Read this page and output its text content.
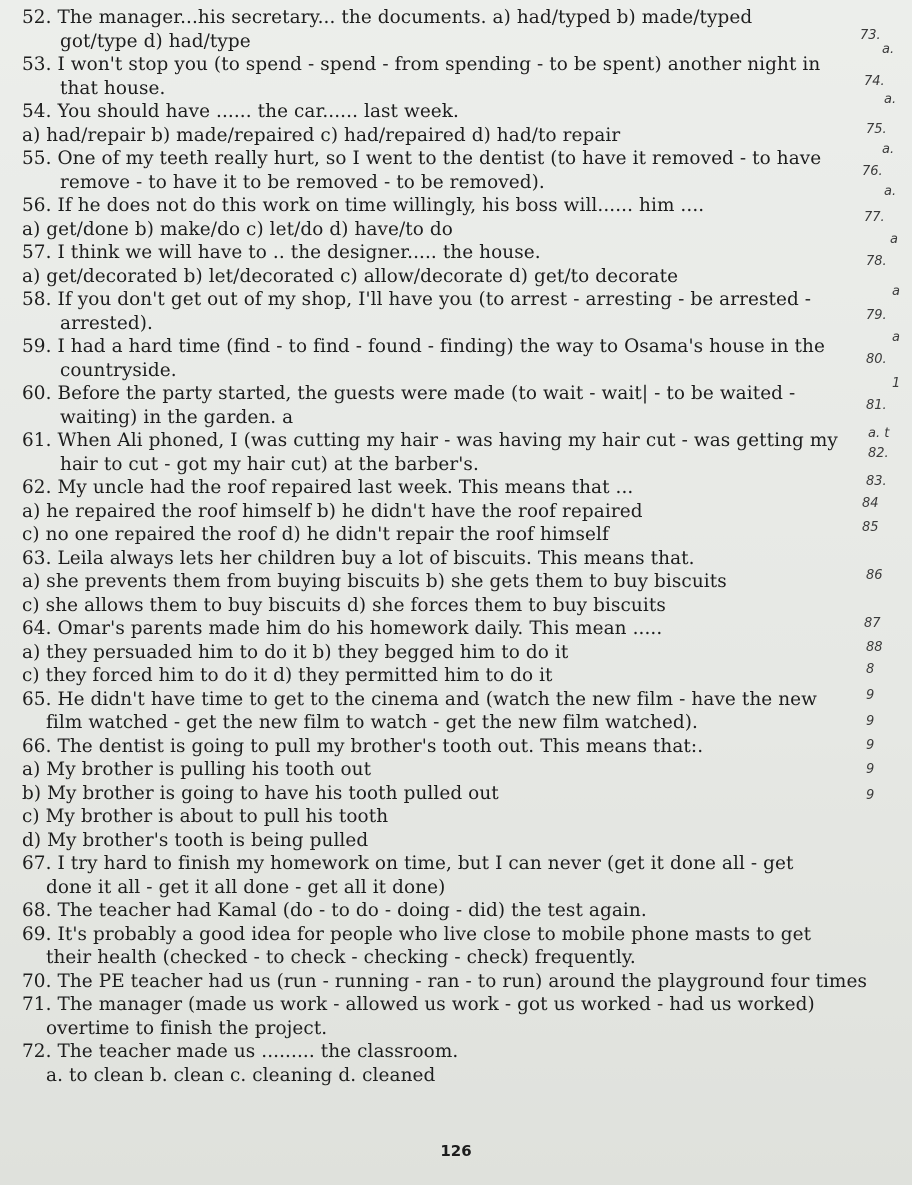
52. The manager...his secretary... the documents. a) had/typed b) made/typed
got/type d) had/type
53. I won't stop you (to spend - spend - from spending - to be spent) another night in
that house.
54. You should have ...... the car...... last week.
a) had/repair b) made/repaired c) had/repaired d) had/to repair
55. One of my teeth really hurt, so I went to the dentist (to have it removed - to have
remove - to have it to be removed - to be removed).
56. If he does not do this work on time willingly, his boss will...... him ....
a) get/done b) make/do c) let/do d) have/to do
57. I think we will have to .. the designer..... the house.
a) get/decorated b) let/decorated c) allow/decorate d) get/to decorate
58. If you don't get out of my shop, I'll have you (to arrest - arresting - be arrested -
arrested).
59. I had a hard time (find - to find - found - finding) the way to Osama's house in the
countryside.
60. Before the party started, the guests were made (to wait - wait| - to be waited -
waiting) in the garden. a
61. When Ali phoned, I (was cutting my hair - was having my hair cut - was getting my
hair to cut - got my hair cut) at the barber's.
62. My uncle had the roof repaired last week. This means that ...
a) he repaired the roof himself b) he didn't have the roof repaired
c) no one repaired the roof d) he didn't repair the roof himself
63. Leila always lets her children buy a lot of biscuits. This means that.
a) she prevents them from buying biscuits b) she gets them to buy biscuits
c) she allows them to buy biscuits d) she forces them to buy biscuits
64. Omar's parents made him do his homework daily. This mean .....
a) they persuaded him to do it b) they begged him to do it
c) they forced him to do it d) they permitted him to do it
65. He didn't have time to get to the cinema and (watch the new film - have the new
film watched - get the new film to watch - get the new film watched).
66. The dentist is going to pull my brother's tooth out. This means that:.
a) My brother is pulling his tooth out
b) My brother is going to have his tooth pulled out
c) My brother is about to pull his tooth
d) My brother's tooth is being pulled
67. I try hard to finish my homework on time, but I can never (get it done all - get
done it all - get it all done - get all it done)
68. The teacher had Kamal (do - to do - doing - did) the test again.
69. It's probably a good idea for people who live close to mobile phone masts to get
their health (checked - to check - checking - check) frequently.
70. The PE teacher had us (run - running - ran - to run) around the playground four times
71. The manager (made us work - allowed us work - got us worked - had us worked)
overtime to finish the project.
72. The teacher made us ......... the classroom.
a. to clean b. clean c. cleaning d. cleaned
73.
a.
74.
a.
75.
a.
76.
a.
77.
a
78.
a
79.
a
80.
1
81.
a. t
82.
83.
84
85
86
87
88
8
9
9
9
9
9
126
